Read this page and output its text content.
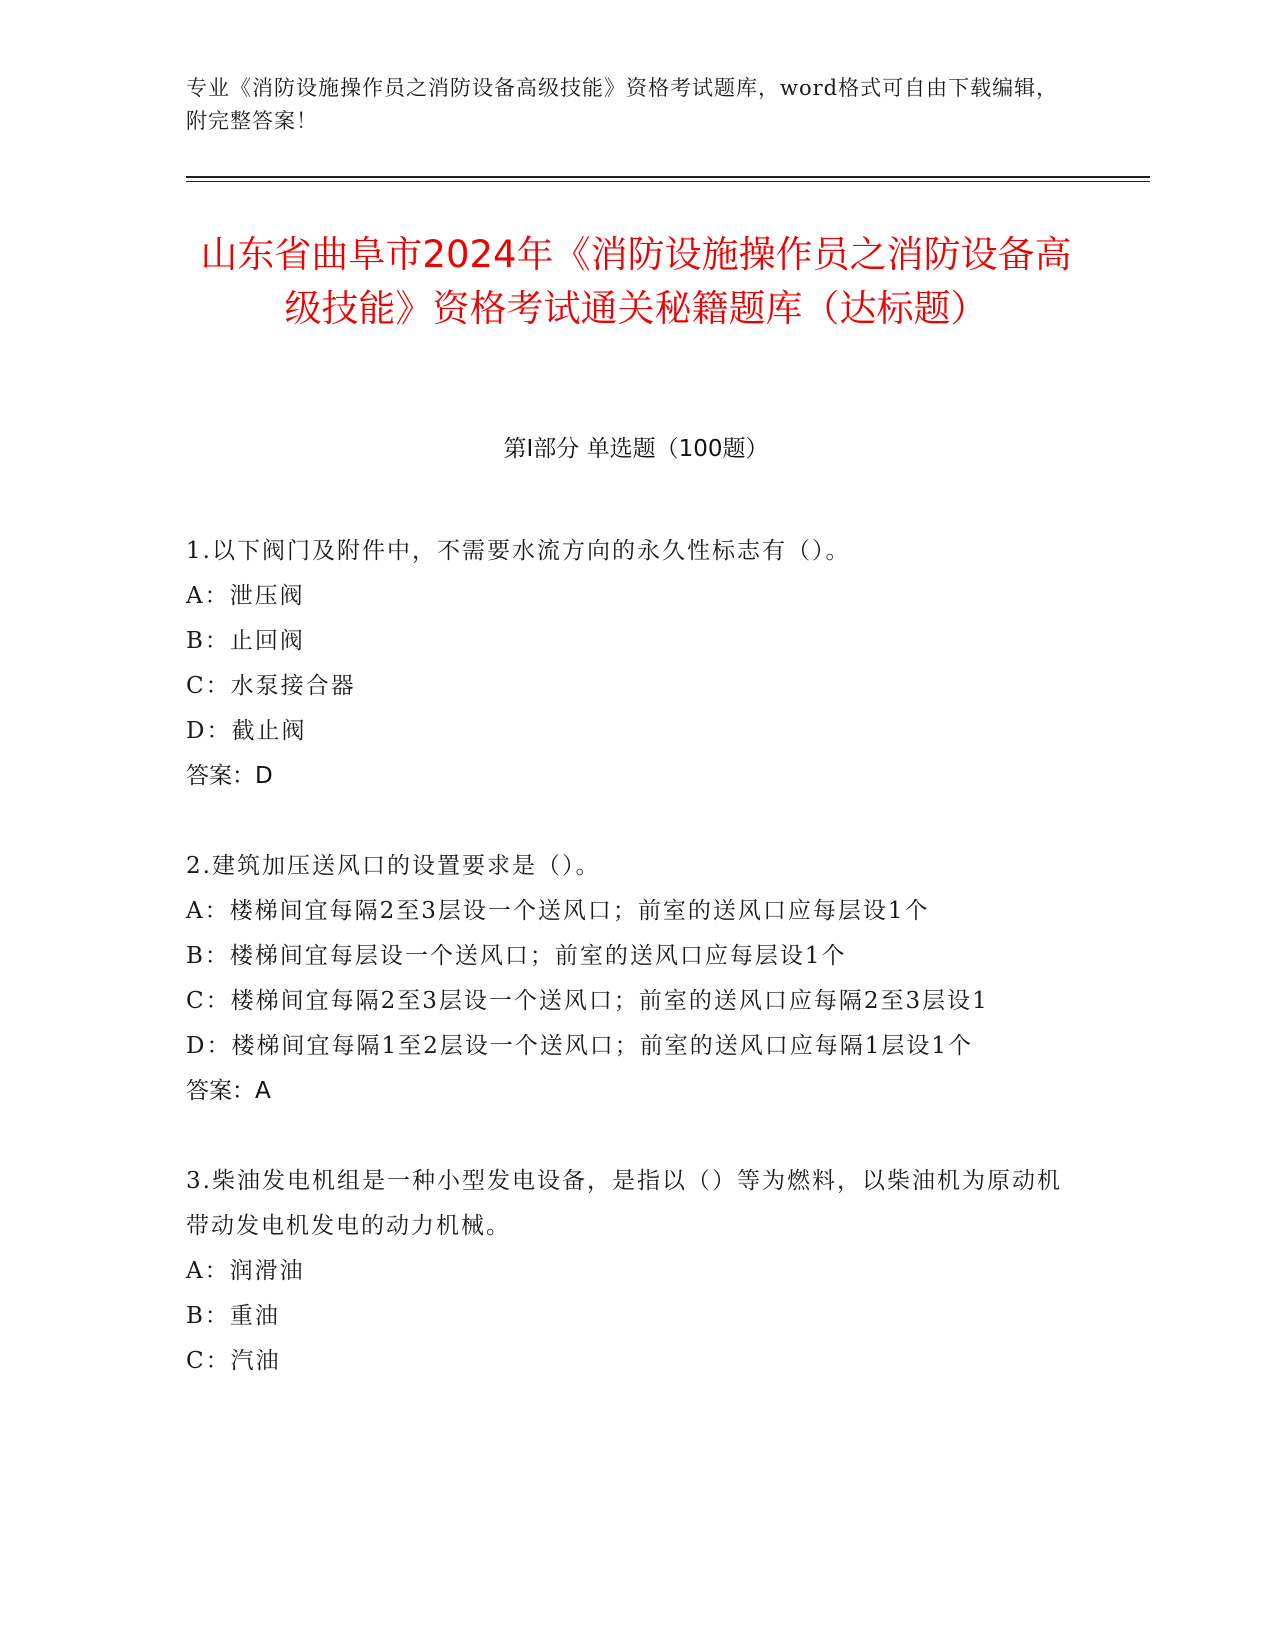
专业《消防设施操作员之消防设备高级技能》资格考试题库，word格式可自由下载编辑，附完整答案！
山东省曲阜市2024年《消防设施操作员之消防设备高级技能》资格考试通关秘籍题库（达标题）
第I部分 单选题（100题）
1.以下阀门及附件中，不需要水流方向的永久性标志有（）。
A：泄压阀
B：止回阀
C：水泵接合器
D：截止阀
答案：D
2.建筑加压送风口的设置要求是（）。
A：楼梯间宜每隔2至3层设一个送风口；前室的送风口应每层设1个
B：楼梯间宜每层设一个送风口；前室的送风口应每层设1个
C：楼梯间宜每隔2至3层设一个送风口；前室的送风口应每隔2至3层设1
D：楼梯间宜每隔1至2层设一个送风口；前室的送风口应每隔1层设1个
答案：A
3.柴油发电机组是一种小型发电设备，是指以（）等为燃料，以柴油机为原动机带动发电机发电的动力机械。
A：润滑油
B：重油
C：汽油
